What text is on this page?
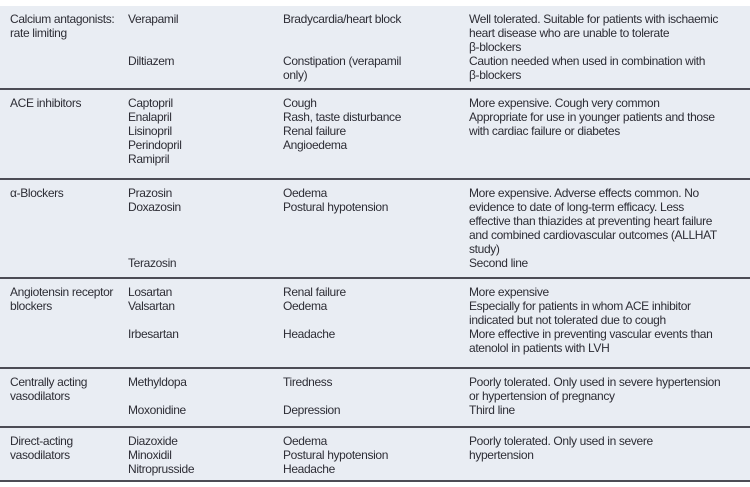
Calcium antagonists:
rate limiting
Verapamil

Diltiazem
Bradycardia/heart block

Constipation (verapamil
only)
Well tolerated. Suitable for patients with ischaemic
heart disease who are unable to tolerate
β-blockers
Caution needed when used in combination with
β-blockers
ACE inhibitors	Captopril
Enalapril
Lisinopril
Perindopril
Ramipril
Cough
Rash, taste disturbance
Renal failure
Angioedema
More expensive. Cough very common
Appropriate for use in younger patients and those
with cardiac failure or diabetes
α-Blockers	Prazosin
Doxazosin

Terazosin
Oedema
Postural hypotension
More expensive. Adverse effects common. No
evidence to date of long-term efficacy. Less
effective than thiazides at preventing heart failure
and combined cardiovascular outcomes (ALLHAT
study)
Second line
Angiotensin receptor
blockers
Losartan
Valsartan

Irbesartan
Renal failure
Oedema

Headache
More expensive
Especially for patients in whom ACE inhibitor
indicated but not tolerated due to cough
More effective in preventing vascular events than
atenolol in patients with LVH
Centrally acting
vasodilators
Methyldopa

Moxonidine
Tiredness

Depression
Poorly tolerated. Only used in severe hypertension
or hypertension of pregnancy
Third line
Direct-acting
vasodilators
Diazoxide
Minoxidil
Nitroprusside
Oedema
Postural hypotension
Headache
Poorly tolerated. Only used in severe
hypertension
